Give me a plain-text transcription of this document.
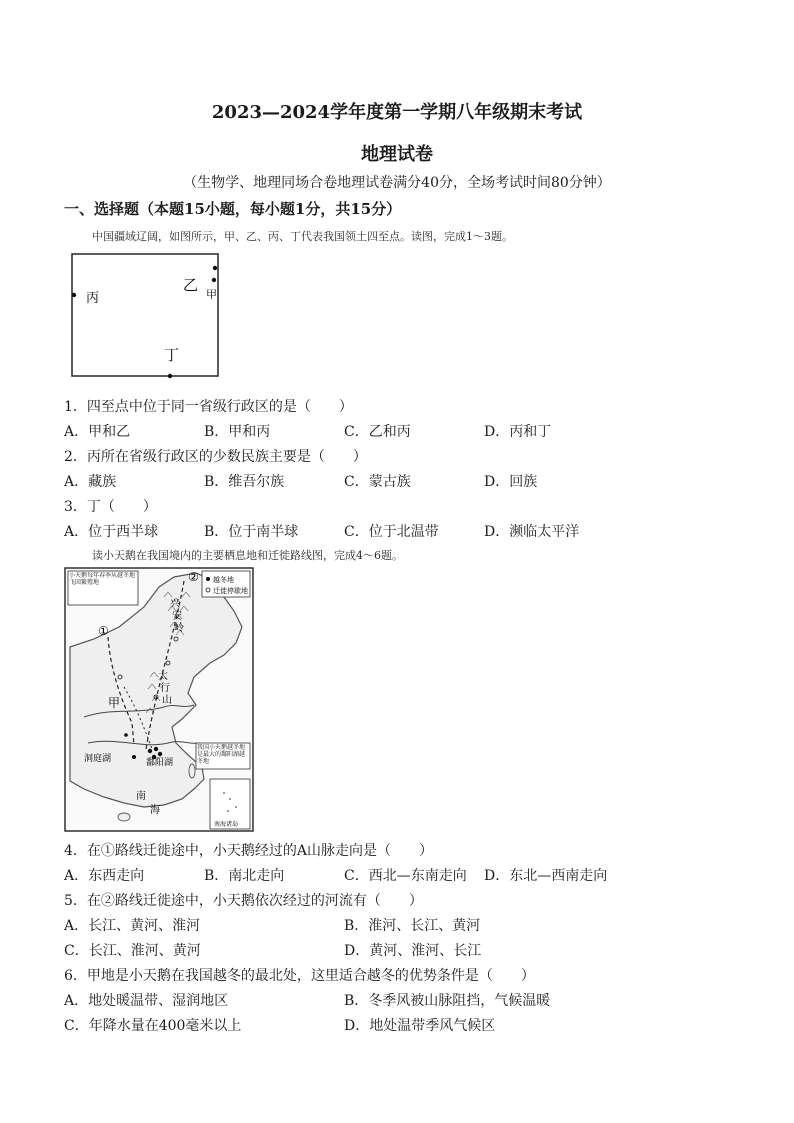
2023—2024学年度第一学期八年级期末考试
地理试卷
（生物学、地理同场合卷地理试卷满分40分，全场考试时间80分钟）
一、选择题（本题15小题，每小题1分，共15分）
中国疆域辽阔，如图所示，甲、乙、丙、丁代表我国领土四至点。读图，完成1～3题。
丙
乙
甲
丁
1．四至点中位于同一省级行政区的是（　　）
A．甲和乙	B．甲和丙	C．乙和丙	D．丙和丁
2．丙所在省级行政区的少数民族主要是（　　）
A．藏族	B．维吾尔族	C．蒙古族	D．回族
3．丁（　　）
A．位于西半球	B．位于南半球	C．位于北温带	D．濒临太平洋
读小天鹅在我国境内的主要栖息地和迁徙路线图，完成4～6题。
越冬地
迁徙停歇地
①
②
兴
安
岭
甲
太
行
山
鄱阳湖
洞庭湖
南
海
小天鹅每年春季从越冬地飞回繁殖地
我国小天鹅越冬地是最大的鄱阳湖越冬地
南海诸岛
4．在①路线迁徙途中，小天鹅经过的A山脉走向是（　　）
A．东西走向	B．南北走向	C．西北—东南走向 D．东北—西南走向
5．在②路线迁徙途中，小天鹅依次经过的河流有（　　）
A．长江、黄河、淮河	B．淮河、长江、黄河
C．长江、淮河、黄河	D．黄河、淮河、长江
6．甲地是小天鹅在我国越冬的最北处，这里适合越冬的优势条件是（　　）
A．地处暖温带、湿润地区	B．冬季风被山脉阻挡，气候温暖
C．年降水量在400毫米以上	D．地处温带季风气候区
